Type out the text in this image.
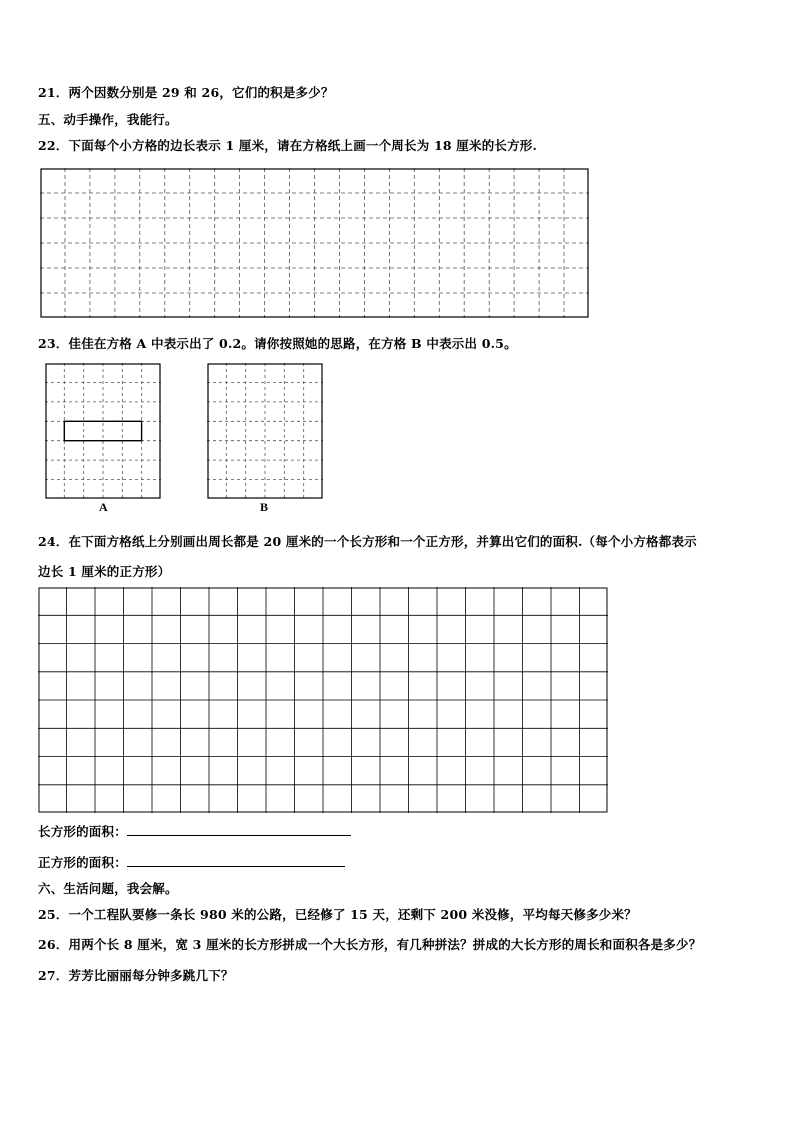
21．两个因数分别是 29 和 26，它们的积是多少？
五、动手操作，我能行。
22．下面每个小方格的边长表示 1 厘米，请在方格纸上画一个周长为 18 厘米的长方形.
23．佳佳在方格 A 中表示出了 0.2。请你按照她的思路，在方格 B 中表示出 0.5。
A	B
24．在下面方格纸上分别画出周长都是 20 厘米的一个长方形和一个正方形，并算出它们的面积.（每个小方格都表示
边长 1 厘米的正方形）
长方形的面积：
正方形的面积：
六、生活问题，我会解。
25．一个工程队要修一条长 980 米的公路，已经修了 15 天，还剩下 200 米没修，平均每天修多少米？
26．用两个长 8 厘米，宽 3 厘米的长方形拼成一个大长方形，有几种拼法？拼成的大长方形的周长和面积各是多少？
27．芳芳比丽丽每分钟多跳几下？
